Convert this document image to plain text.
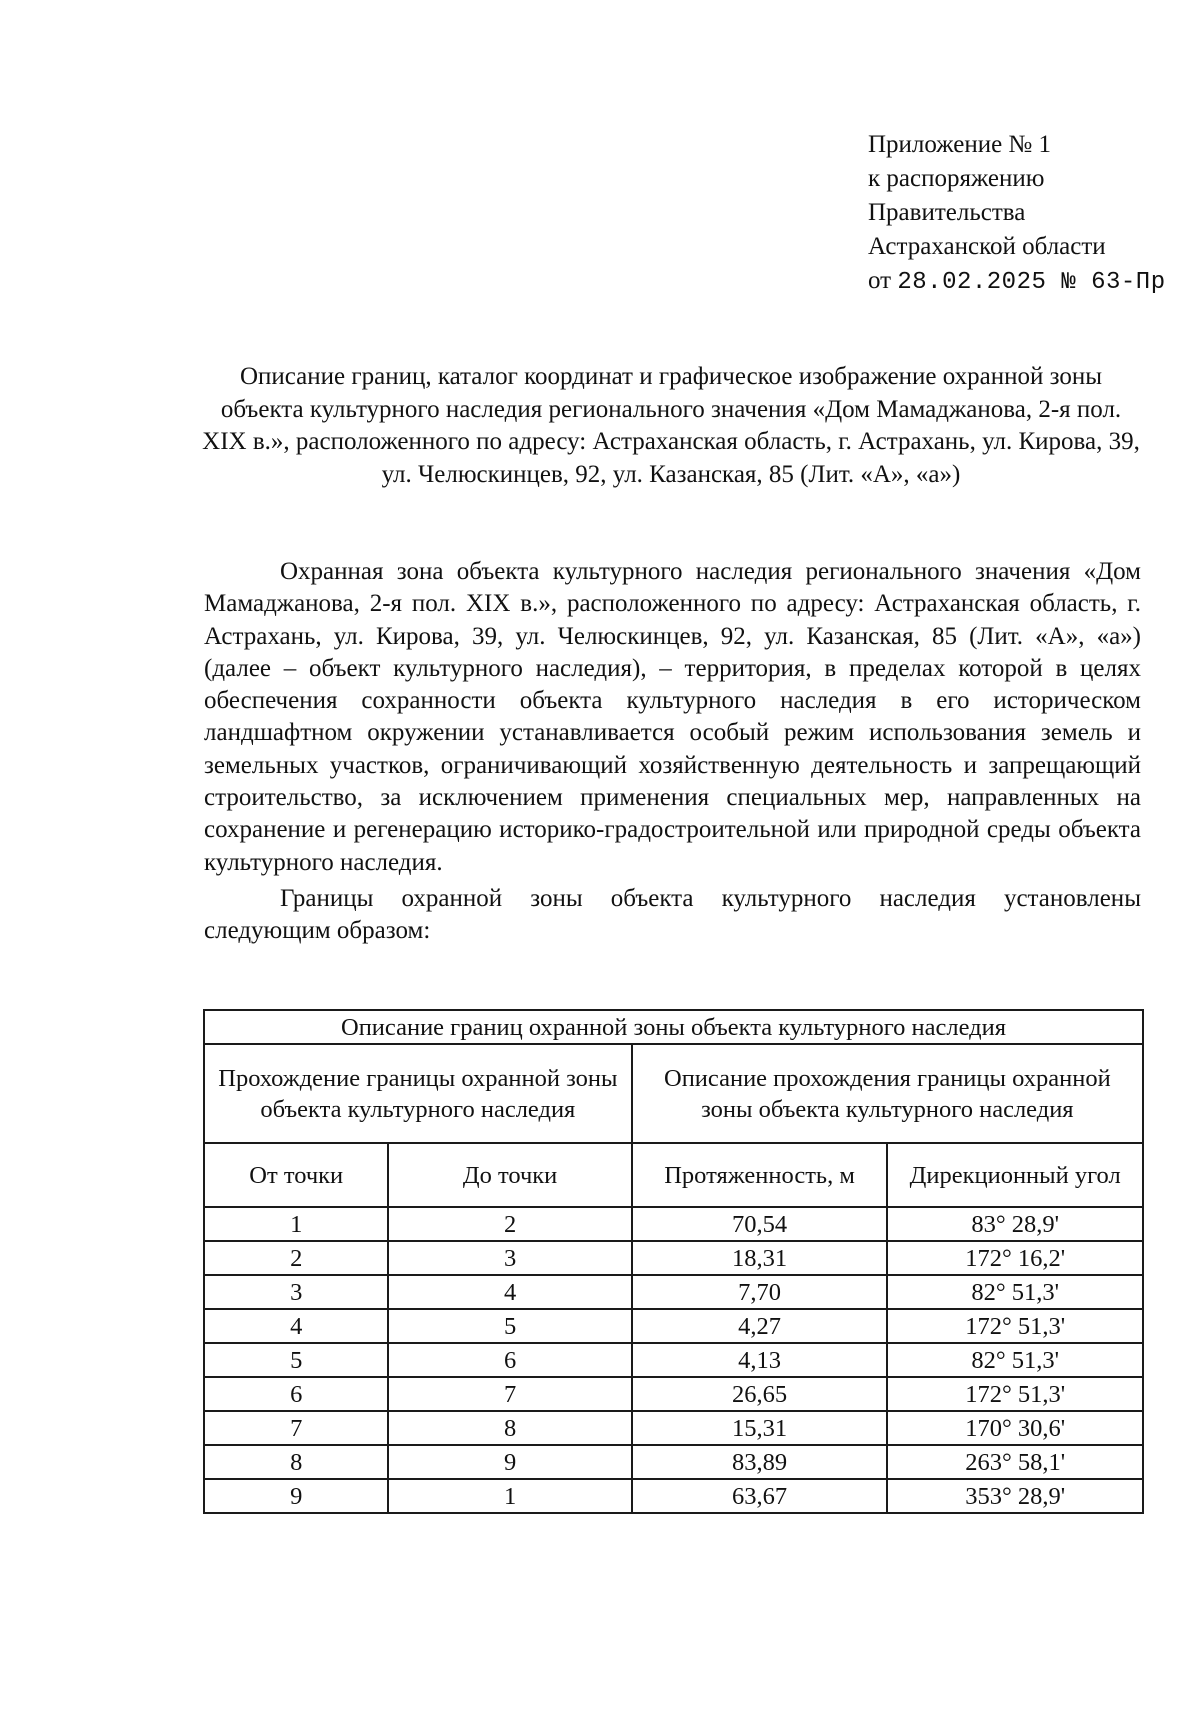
Приложение № 1
к распоряжению
Правительства
Астраханской области
от 28.02.2025 № 63-Пр
Описание границ, каталог координат и графическое изображение охранной зоны объекта культурного наследия регионального значения «Дом Мамаджанова, 2-я пол. XIX в.», расположенного по адресу: Астраханская область, г. Астрахань, ул. Кирова, 39, ул. Челюскинцев, 92, ул. Казанская, 85 (Лит. «А», «а»)

Охранная зона объекта культурного наследия регионального значения «Дом Мамаджанова, 2-я пол. XIX в.», расположенного по адресу: Астраханская область, г. Астрахань, ул. Кирова, 39, ул. Челюскинцев, 92, ул. Казанская, 85 (Лит. «А», «а») (далее – объект культурного наследия), – территория, в пределах которой в целях обеспечения сохранности объекта культурного наследия в его историческом ландшафтном окружении устанавливается особый режим использования земель и земельных участков, ограничивающий хозяйственную деятельность и запрещающий строительство, за исключением применения специальных мер, направленных на сохранение и регенерацию историко-градостроительной или природной среды объекта культурного наследия.

Границы охранной зоны объекта культурного наследия установлены следующим образом:

Описание границ охранной зоны объекта культурного наследия			
Прохождение границы охранной зоны объекта культурного наследия		Описание прохождения границы охранной зоны объекта культурного наследия	
От точки	До точки	Протяженность, м	Дирекционный угол
1	2	70,54	83° 28,9'
2	3	18,31	172° 16,2'
3	4	7,70	82° 51,3'
4	5	4,27	172° 51,3'
5	6	4,13	82° 51,3'
6	7	26,65	172° 51,3'
7	8	15,31	170° 30,6'
8	9	83,89	263° 58,1'
9	1	63,67	353° 28,9'
